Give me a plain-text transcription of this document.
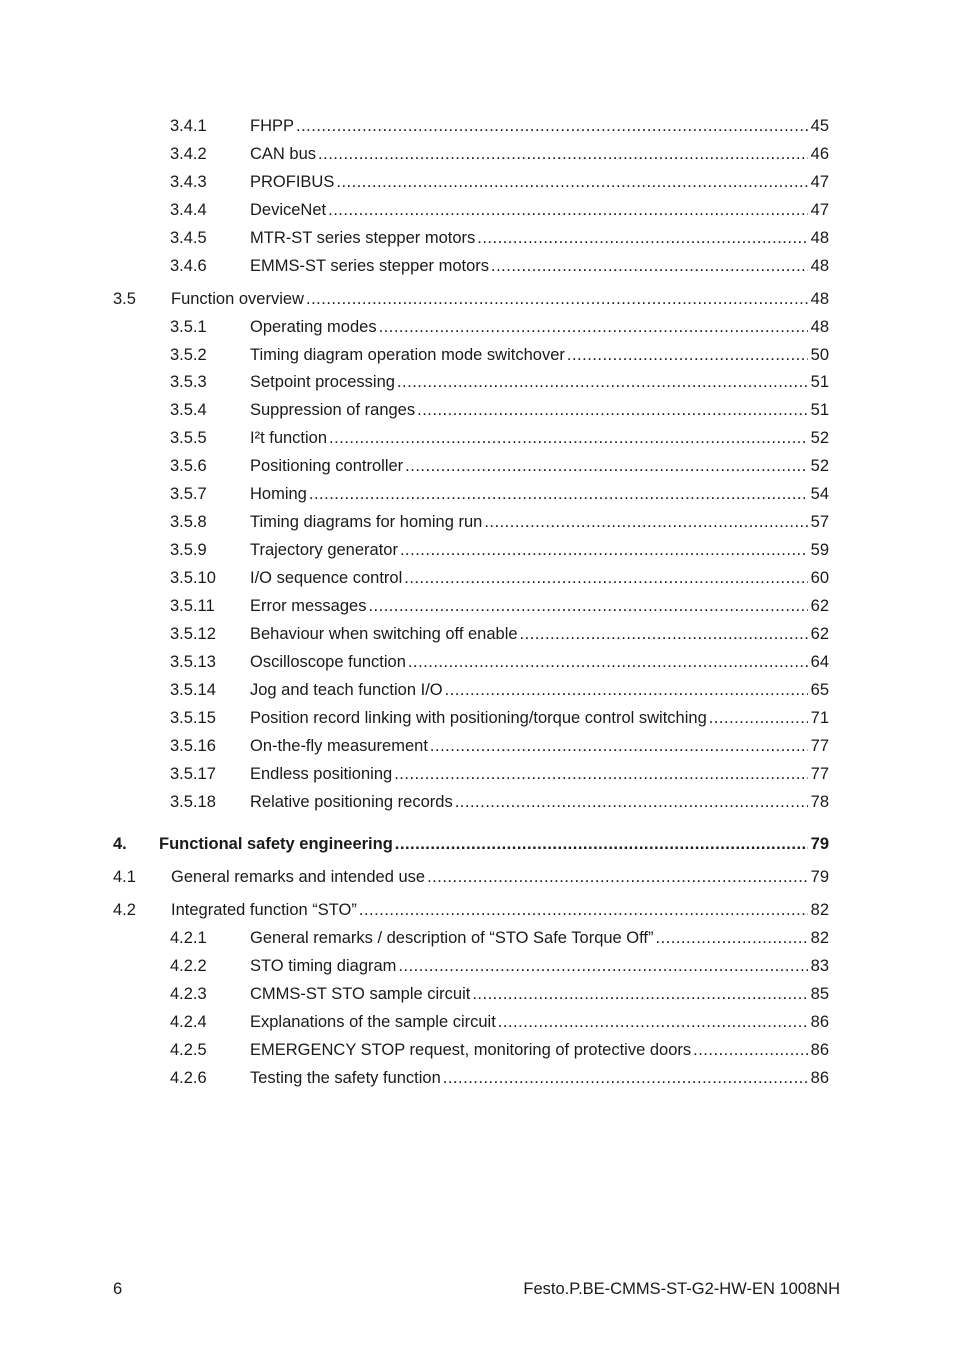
3.4.1	FHPP .....	45
3.4.2	CAN bus .....	46
3.4.3	PROFIBUS .....	47
3.4.4	DeviceNet .....	47
3.4.5	MTR-ST series stepper motors .....	48
3.4.6	EMMS-ST series stepper motors .....	48
3.5 Function overview .....	48
3.5.1	Operating modes .....	48
3.5.2	Timing diagram operation mode switchover .....	50
3.5.3	Setpoint processing .....	51
3.5.4	Suppression of ranges .....	51
3.5.5	I²t function .....	52
3.5.6	Positioning controller .....	52
3.5.7	Homing .....	54
3.5.8	Timing diagrams for homing run .....	57
3.5.9	Trajectory generator .....	59
3.5.10 I/O sequence control .....	60
3.5.11 Error messages .....	62
3.5.12 Behaviour when switching off enable .....	62
3.5.13 Oscilloscope function .....	64
3.5.14 Jog and teach function I/O .....	65
3.5.15 Position record linking with positioning/torque control switching .....	71
3.5.16 On-the-fly measurement .....	77
3.5.17 Endless positioning .....	77
3.5.18 Relative positioning records .....	78
4. Functional safety engineering .....	79
4.1 General remarks and intended use .....	79
4.2 Integrated function “STO” .....	82
4.2.1	General remarks / description of “STO Safe Torque Off” .....	82
4.2.2	STO timing diagram .....	83
4.2.3	CMMS-ST STO sample circuit .....	85
4.2.4	Explanations of the sample circuit .....	86
4.2.5	EMERGENCY STOP request, monitoring of protective doors .....	86
4.2.6	Testing the safety function .....	86
6	Festo.P.BE-CMMS-ST-G2-HW-EN 1008NH
